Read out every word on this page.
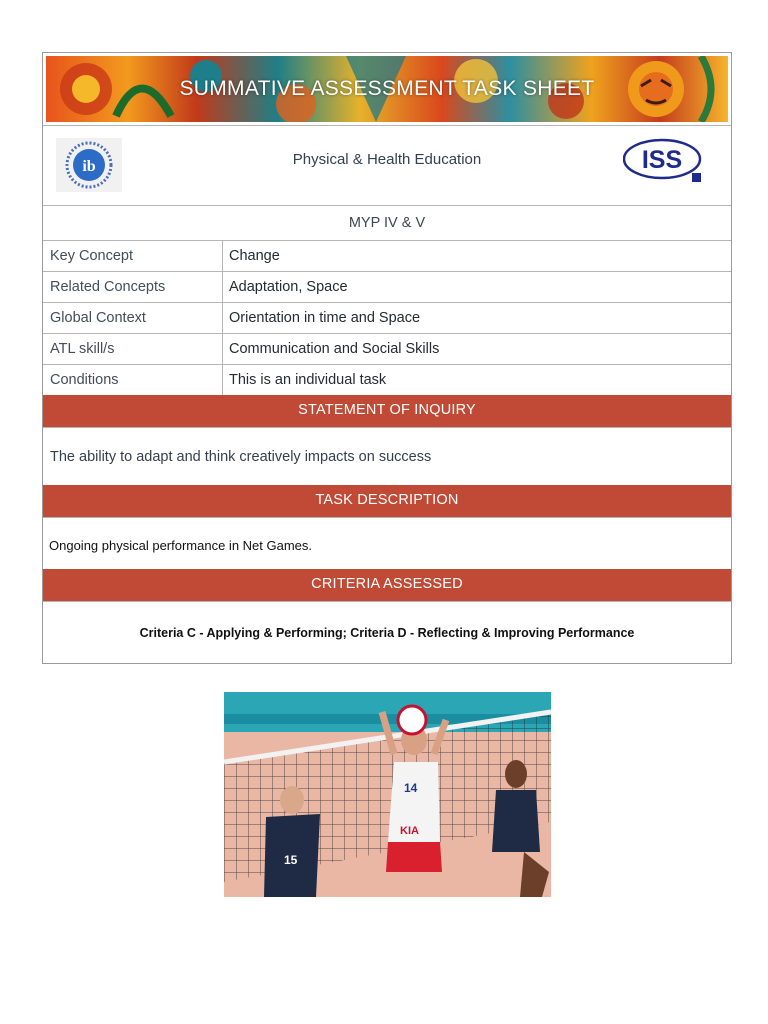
SUMMATIVE ASSESSMENT TASK SHEET
ib	Physical & Health Education	ISS
MYP IV & V
Key Concept	Change
Related Concepts	Adaptation, Space
Global Context	Orientation in time and Space
ATL skill/s	Communication and Social Skills
Conditions	This is an individual task
STATEMENT OF INQUIRY
The ability to adapt and think creatively impacts on success
TASK DESCRIPTION
Ongoing physical performance in Net Games.
CRITERIA ASSESSED
Criteria C - Applying & Performing; Criteria D - Reflecting & Improving Performance
15
14
KIA
